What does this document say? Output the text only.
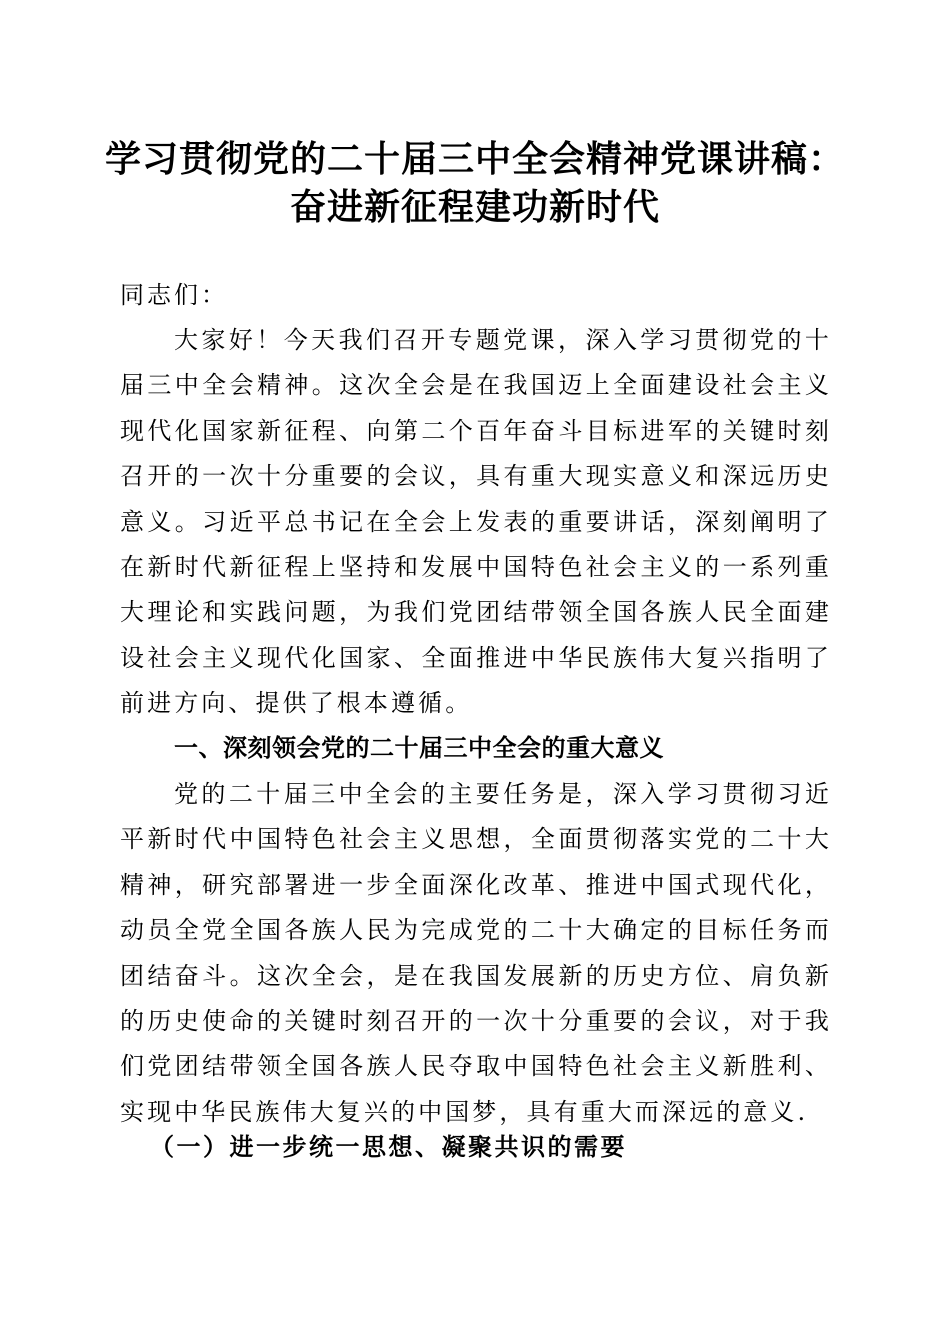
学习贯彻党的二十届三中全会精神党课讲稿：
奋进新征程建功新时代

同志们：

大家好！今天我们召开专题党课，深入学习贯彻党的十届三中全会精神。这次全会是在我国迈上全面建设社会主义现代化国家新征程、向第二个百年奋斗目标进军的关键时刻召开的一次十分重要的会议，具有重大现实意义和深远历史意义。习近平总书记在全会上发表的重要讲话，深刻阐明了在新时代新征程上坚持和发展中国特色社会主义的一系列重大理论和实践问题，为我们党团结带领全国各族人民全面建设社会主义现代化国家、全面推进中华民族伟大复兴指明了前进方向、提供了根本遵循。

一、深刻领会党的二十届三中全会的重大意义

党的二十届三中全会的主要任务是，深入学习贯彻习近平新时代中国特色社会主义思想，全面贯彻落实党的二十大精神，研究部署进一步全面深化改革、推进中国式现代化，动员全党全国各族人民为完成党的二十大确定的目标任务而团结奋斗。这次全会，是在我国发展新的历史方位、肩负新的历史使命的关键时刻召开的一次十分重要的会议，对于我们党团结带领全国各族人民夺取中国特色社会主义新胜利、实现中华民族伟大复兴的中国梦，具有重大而深远的意义.

（一）进一步统一思想、凝聚共识的需要
